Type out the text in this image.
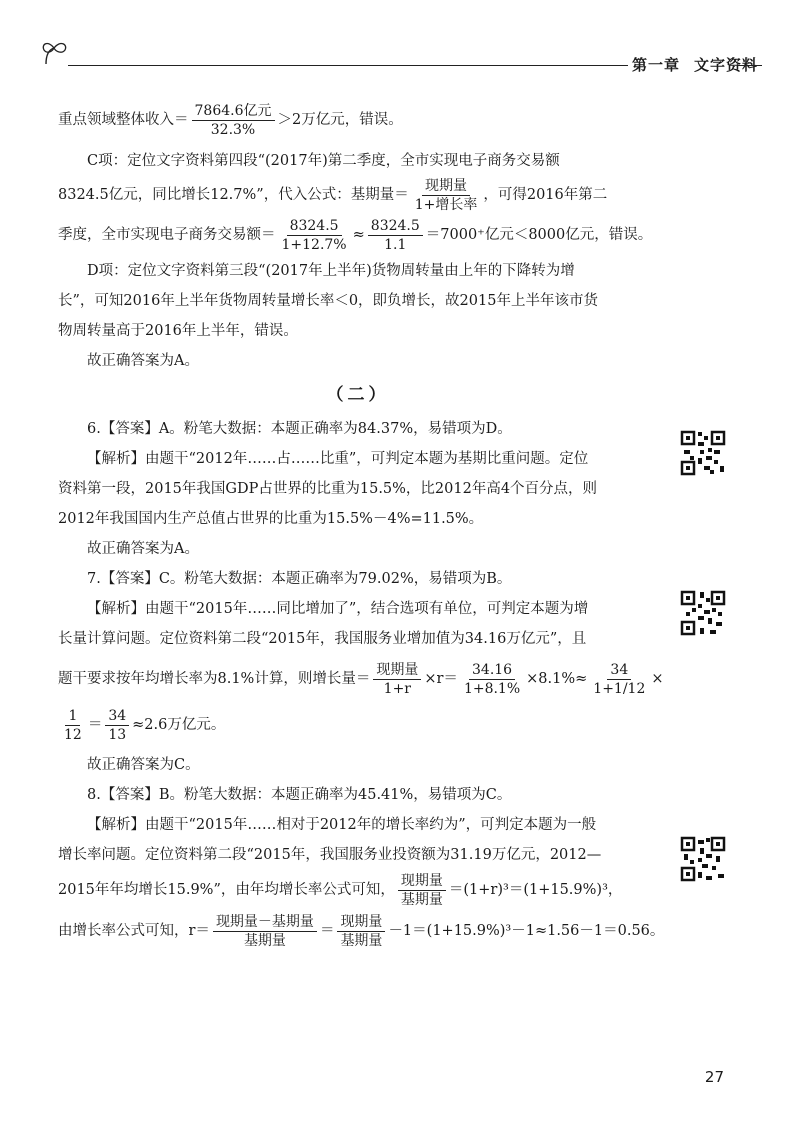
第一章 文字资料
重点领域整体收入＝ $\frac{\text{7864.6亿元}}{32.3\%} >2$万亿元，错误。

C项：定位文字资料第四段“(2017年)第二季度，全市实现电子商务交易额

8324.5亿元，同比增长12.7%”，代入公式：基期量＝ $\frac{\text{现期量}}{\text{1+增长率}}$ ，可得2016年第二
季度，全市实现电子商务交易额＝ $\frac{8324.5}{1+12.7\%} \approx \frac{8324.5}{1.1} =7000^+$亿元＜8000亿元，错误。

D项：定位文字资料第三段“(2017年上半年)货物周转量由上年的下降转为增

长”，可知2016年上半年货物周转量增长率＜0，即负增长，故2015年上半年该市货

物周转量高于2016年上半年，错误。

故正确答案为A。

（二）

6.【答案】A。粉笔大数据：本题正确率为84.37%，易错项为D。

【解析】由题干“2012年……占……比重”，可判定本题为基期比重问题。定位

资料第一段，2015年我国GDP占世界的比重为15.5%，比2012年高4个百分点，则

2012年我国国内生产总值占世界的比重为15.5%－4%=11.5%。

故正确答案为A。

7.【答案】C。粉笔大数据：本题正确率为79.02%，易错项为B。

【解析】由题干“2015年……同比增加了”，结合选项有单位，可判定本题为增

长量计算问题。定位资料第二段“2015年，我国服务业增加值为34.16万亿元”，且

题干要求按年均增长率为8.1%计算，则增长量＝ $\frac{\text{现期量}}{1+r} \times r= \frac{34.16}{1+8.1\%} \times 8.1\%\approx \frac{34}{1+1/12}$ ×
$\frac{1}{12} = \frac{34}{13} \approx 2.6$万亿元。

故正确答案为C。

8.【答案】B。粉笔大数据：本题正确率为45.41%，易错项为C。

【解析】由题干“2015年……相对于2012年的增长率约为”，可判定本题为一般

增长率问题。定位资料第二段“2015年，我国服务业投资额为31.19万亿元，2012—

2015年年均增长15.9%”，由年均增长率公式可知， $\frac{\text{现期量}}{\text{基期量}} =(1+r)^3=(1+15.9\%)^3$，
由增长率公式可知，$r= \frac{\text{现期量－基期量}}{\text{基期量}} = \frac{\text{现期量}}{\text{基期量}} -1=(1+15.9\%)^3-1\approx 1.56-1=0.56$。
27
